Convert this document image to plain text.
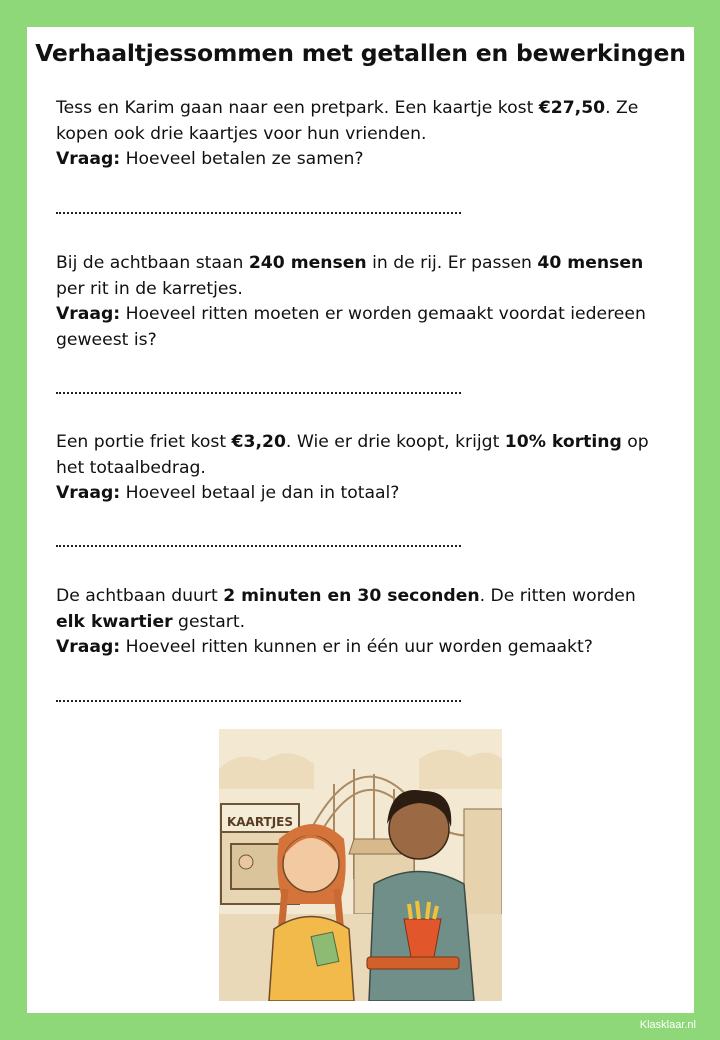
Verhaaltjessommen met getallen en bewerkingen
Tess en Karim gaan naar een pretpark. Een kaartje kost €27,50. Ze kopen ook drie kaartjes voor hun vrienden.
Vraag: Hoeveel betalen ze samen?
Bij de achtbaan staan 240 mensen in de rij. Er passen 40 mensen per rit in de karretjes.
Vraag: Hoeveel ritten moeten er worden gemaakt voordat iedereen geweest is?
Een portie friet kost €3,20. Wie er drie koopt, krijgt 10% korting op het totaalbedrag.
Vraag: Hoeveel betaal je dan in totaal?
De achtbaan duurt 2 minuten en 30 seconden. De ritten worden elk kwartier gestart.
Vraag: Hoeveel ritten kunnen er in één uur worden gemaakt?
KAARTJES
Klasklaar.nl
